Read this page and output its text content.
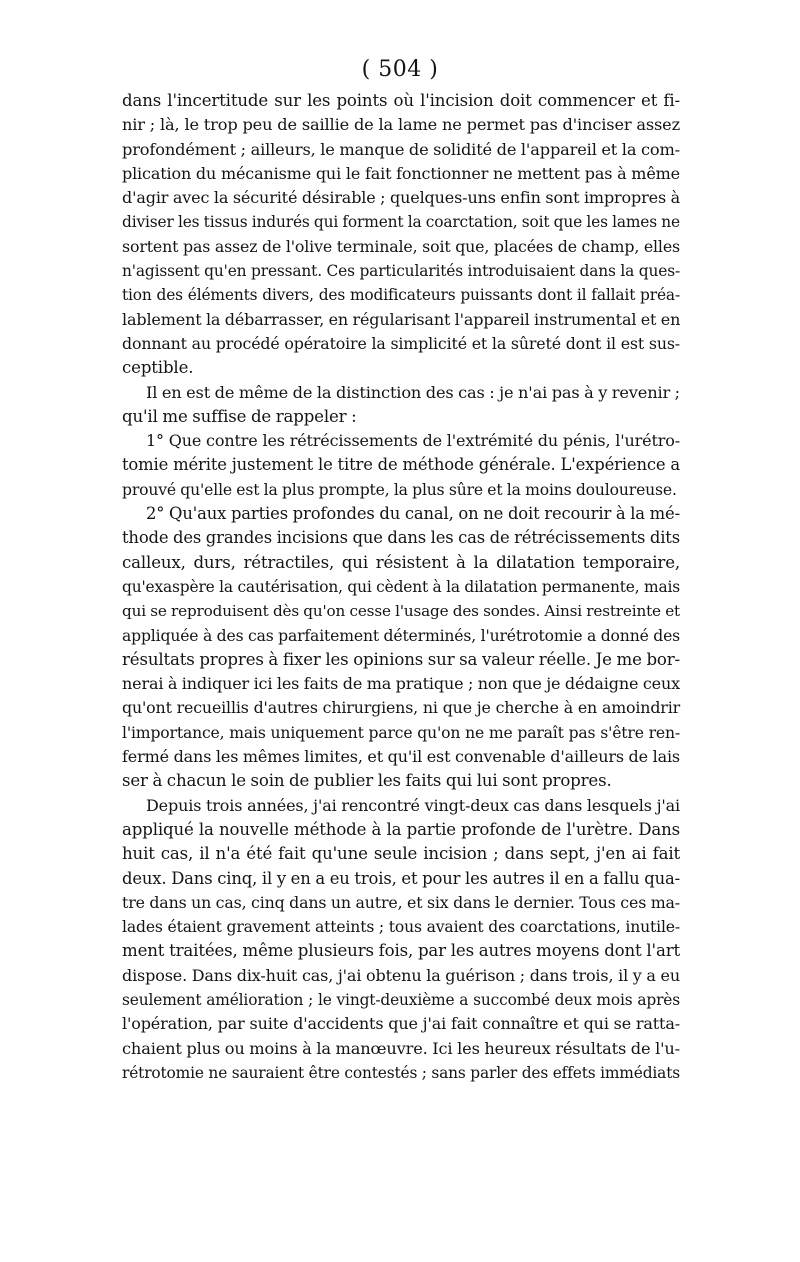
( 504 )

dans l'incertitude sur les points où l'incision doit commencer et fi-

nir ; là, le trop peu de saillie de la lame ne permet pas d'inciser assez

profondément ; ailleurs, le manque de solidité de l'appareil et la com-

plication du mécanisme qui le fait fonctionner ne mettent pas à même

d'agir avec la sécurité désirable ; quelques-uns enfin sont impropres à

diviser les tissus indurés qui forment la coarctation, soit que les lames ne

sortent pas assez de l'olive terminale, soit que, placées de champ, elles

n'agissent qu'en pressant. Ces particularités introduisaient dans la ques-

tion des éléments divers, des modificateurs puissants dont il fallait préa-

lablement la débarrasser, en régularisant l'appareil instrumental et en

donnant au procédé opératoire la simplicité et la sûreté dont il est sus-

ceptible.

Il en est de même de la distinction des cas : je n'ai pas à y revenir ;

qu'il me suffise de rappeler :

1° Que contre les rétrécissements de l'extrémité du pénis, l'urétro-

tomie mérite justement le titre de méthode générale. L'expérience a

prouvé qu'elle est la plus prompte, la plus sûre et la moins douloureuse.

2° Qu'aux parties profondes du canal, on ne doit recourir à la mé-

thode des grandes incisions que dans les cas de rétrécissements dits

calleux, durs, rétractiles, qui résistent à la dilatation temporaire,

qu'exaspère la cautérisation, qui cèdent à la dilatation permanente, mais

qui se reproduisent dès qu'on cesse l'usage des sondes. Ainsi restreinte et

appliquée à des cas parfaitement déterminés, l'urétrotomie a donné des

résultats propres à fixer les opinions sur sa valeur réelle. Je me bor-

nerai à indiquer ici les faits de ma pratique ; non que je dédaigne ceux

qu'ont recueillis d'autres chirurgiens, ni que je cherche à en amoindrir

l'importance, mais uniquement parce qu'on ne me paraît pas s'être ren-

fermé dans les mêmes limites, et qu'il est convenable d'ailleurs de lais

ser à chacun le soin de publier les faits qui lui sont propres.

Depuis trois années, j'ai rencontré vingt-deux cas dans lesquels j'ai

appliqué la nouvelle méthode à la partie profonde de l'urètre. Dans

huit cas, il n'a été fait qu'une seule incision ; dans sept, j'en ai fait

deux. Dans cinq, il y en a eu trois, et pour les autres il en a fallu qua-

tre dans un cas, cinq dans un autre, et six dans le dernier. Tous ces ma-

lades étaient gravement atteints ; tous avaient des coarctations, inutile-

ment traitées, même plusieurs fois, par les autres moyens dont l'art

dispose. Dans dix-huit cas, j'ai obtenu la guérison ; dans trois, il y a eu

seulement amélioration ; le vingt-deuxième a succombé deux mois après

l'opération, par suite d'accidents que j'ai fait connaître et qui se ratta-

chaient plus ou moins à la manœuvre. Ici les heureux résultats de l'u-

rétrotomie ne sauraient être contestés ; sans parler des effets immédiats
